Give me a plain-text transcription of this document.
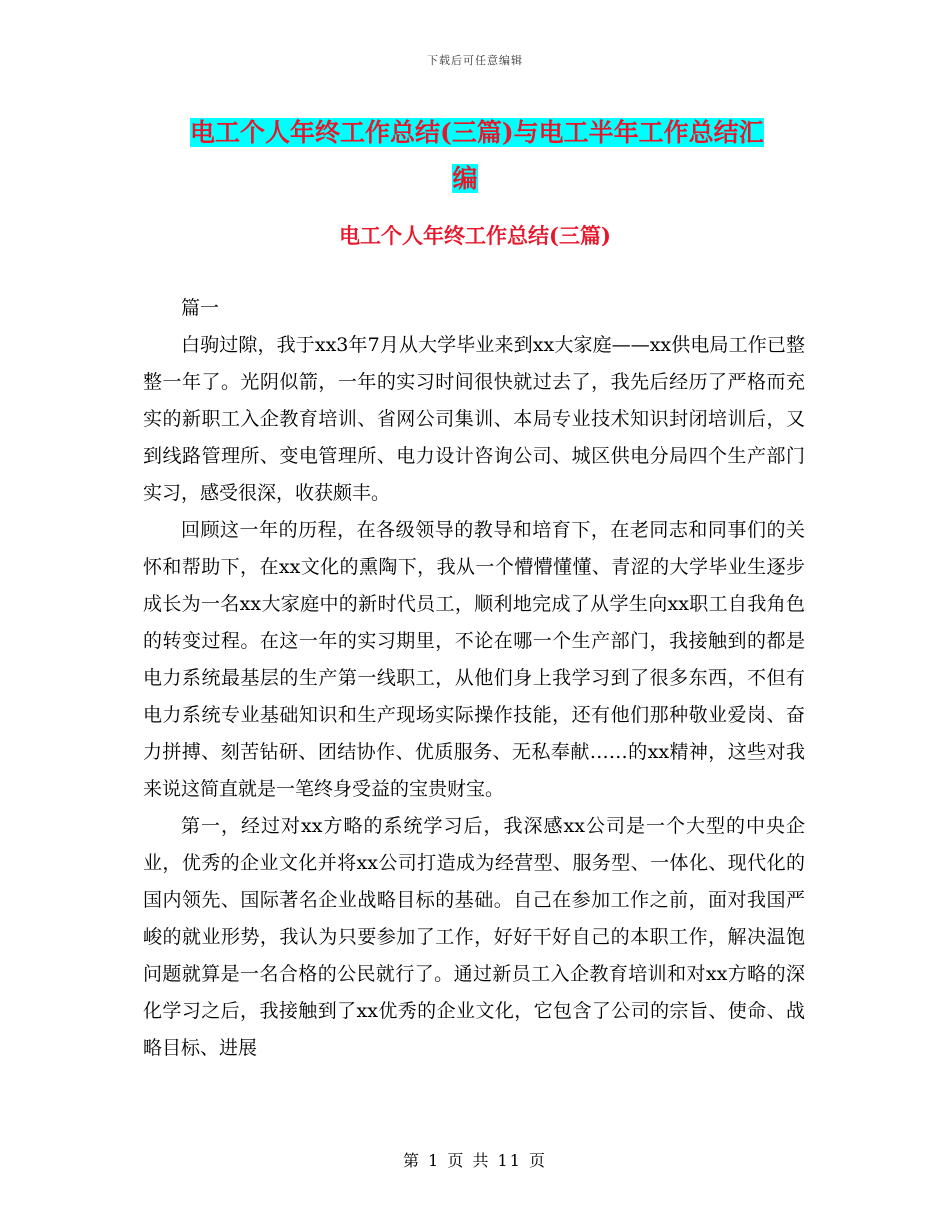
下载后可任意编辑
电工个人年终工作总结(三篇)与电工半年工作总结汇
编
电工个人年终工作总结(三篇)

篇一

白驹过隙，我于xx3年7月从大学毕业来到xx大家庭——xx供电局工作已整整一年了。光阴似箭，一年的实习时间很快就过去了，我先后经历了严格而充实的新职工入企教育培训、省网公司集训、本局专业技术知识封闭培训后，又到线路管理所、变电管理所、电力设计咨询公司、城区供电分局四个生产部门实习，感受很深，收获颇丰。

回顾这一年的历程，在各级领导的教导和培育下，在老同志和同事们的关怀和帮助下，在xx文化的熏陶下，我从一个懵懵懂懂、青涩的大学毕业生逐步成长为一名xx大家庭中的新时代员工，顺利地完成了从学生向xx职工自我角色的转变过程。在这一年的实习期里，不论在哪一个生产部门，我接触到的都是电力系统最基层的生产第一线职工，从他们身上我学习到了很多东西，不但有电力系统专业基础知识和生产现场实际操作技能，还有他们那种敬业爱岗、奋力拼搏、刻苦钻研、团结协作、优质服务、无私奉献……的xx精神，这些对我来说这简直就是一笔终身受益的宝贵财宝。

第一，经过对xx方略的系统学习后，我深感xx公司是一个大型的中央企业，优秀的企业文化并将xx公司打造成为经营型、服务型、一体化、现代化的国内领先、国际著名企业战略目标的基础。自己在参加工作之前，面对我国严峻的就业形势，我认为只要参加了工作，好好干好自己的本职工作，解决温饱问题就算是一名合格的公民就行了。通过新员工入企教育培训和对xx方略的深化学习之后，我接触到了xx优秀的企业文化，它包含了公司的宗旨、使命、战略目标、进展

第 1 页 共 11 页
